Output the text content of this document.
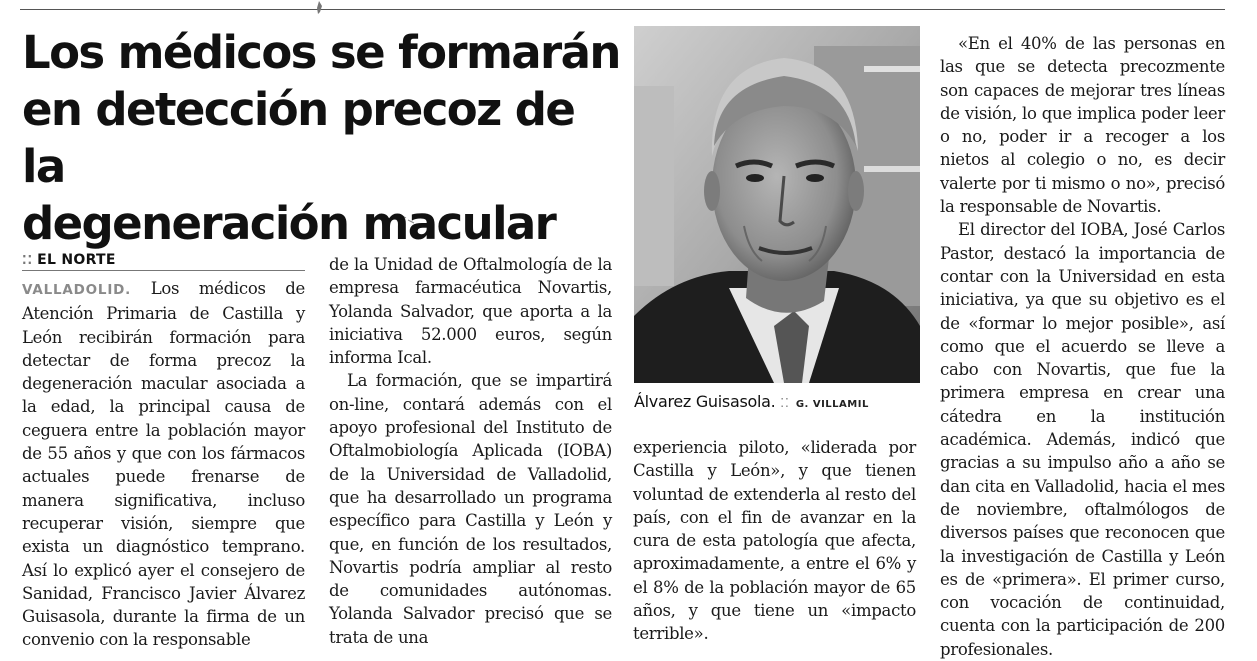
Los médicos se formarán
en detección precoz de la
degeneración macular
⁚⁚ EL NORTE

VALLADOLID. Los médicos de Atención Primaria de Castilla y León recibirán formación para detectar de forma precoz la degeneración macular asociada a la edad, la principal causa de ceguera entre la población mayor de 55 años y que con los fármacos actuales puede frenarse de manera significativa, incluso recuperar visión, siempre que exista un diagnóstico temprano. Así lo explicó ayer el consejero de Sanidad, Francisco Javier Álvarez Guisasola, durante la firma de un convenio con la responsable

de la Unidad de Oftalmología de la empresa farmacéutica Novartis, Yolanda Salvador, que aporta a la iniciativa 52.000 euros, según informa Ical.

La formación, que se impartirá on-line, contará además con el apoyo profesional del Instituto de Oftalmobiología Aplicada (IOBA) de la Universidad de Valladolid, que ha desarrollado un programa específico para Castilla y León y que, en función de los resultados, Novartis podría ampliar al resto de comunidades autónomas. Yolanda Salvador precisó que se trata de una

Álvarez Guisasola. ⁚⁚ G. VILLAMIL

experiencia piloto, «liderada por Castilla y León», y que tienen voluntad de extenderla al resto del país, con el fin de avanzar en la cura de esta patología que afecta, aproximadamente, a entre el 6% y el 8% de la población mayor de 65 años, y que tiene un «impacto terrible».

«En el 40% de las personas en las que se detecta precozmente son capaces de mejorar tres líneas de visión, lo que implica poder leer o no, poder ir a recoger a los nietos al colegio o no, es decir valerte por ti mismo o no», precisó la responsable de Novartis.

El director del IOBA, José Carlos Pastor, destacó la importancia de contar con la Universidad en esta iniciativa, ya que su objetivo es el de «formar lo mejor posible», así como que el acuerdo se lleve a cabo con Novartis, que fue la primera empresa en crear una cátedra en la institución académica. Además, indicó que gracias a su impulso año a año se dan cita en Valladolid, hacia el mes de noviembre, oftalmólogos de diversos países que reconocen que la investigación de Castilla y León es de «primera». El primer curso, con vocación de continuidad, cuenta con la participación de 200 profesionales.
